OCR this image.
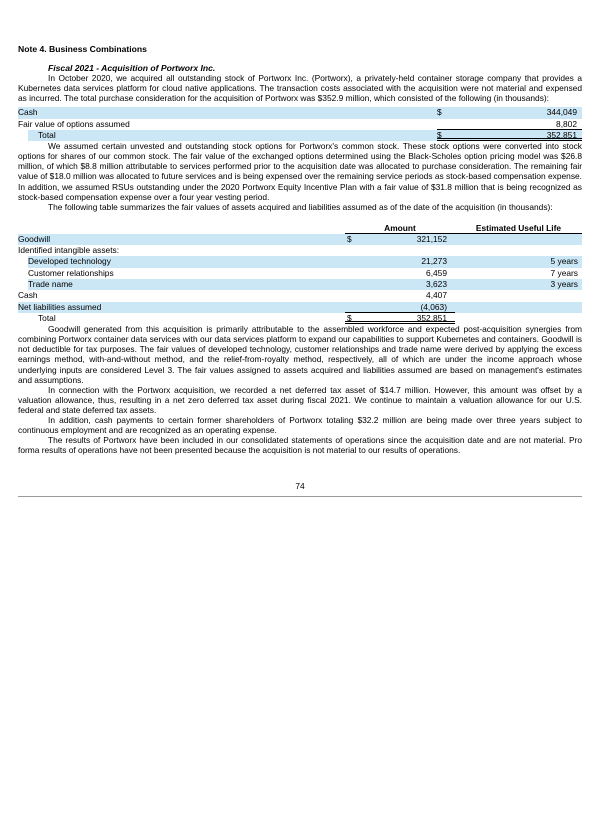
Note 4. Business Combinations
Fiscal 2021 - Acquisition of Portworx Inc.

In October 2020, we acquired all outstanding stock of Portworx Inc. (Portworx), a privately-held container storage company that provides a Kubernetes data services platform for cloud native applications. The transaction costs associated with the acquisition were not material and expensed as incurred. The total purchase consideration for the acquisition of Portworx was $352.9 million, which consisted of the following (in thousands):

Cash	$	344,049
Fair value of options assumed	8,802
Total	$	352,851

We assumed certain unvested and outstanding stock options for Portworx's common stock. These stock options were converted into stock options for shares of our common stock. The fair value of the exchanged options determined using the Black-Scholes option pricing model was $26.8 million, of which $8.8 million attributable to services performed prior to the acquisition date was allocated to purchase consideration. The remaining fair value of $18.0 million was allocated to future services and is being expensed over the remaining service periods as stock-based compensation expense. In addition, we assumed RSUs outstanding under the 2020 Portworx Equity Incentive Plan with a fair value of $31.8 million that is being recognized as stock-based compensation expense over a four year vesting period.

The following table summarizes the fair values of assets acquired and liabilities assumed as of the date of the acquisition (in thousands):

Amount	Estimated Useful Life
Goodwill	$	321,152
Identified intangible assets:
Developed technology	21,273	5 years
Customer relationships	6,459	7 years
Trade name	3,623	3 years
Cash	4,407
Net liabilities assumed	(4,063)
Total	$	352,851

Goodwill generated from this acquisition is primarily attributable to the assembled workforce and expected post-acquisition synergies from combining Portworx container data services with our data services platform to expand our capabilities to support Kubernetes and containers. Goodwill is not deductible for tax purposes. The fair values of developed technology, customer relationships and trade name were derived by applying the excess earnings method, with-and-without method, and the relief-from-royalty method, respectively, all of which are under the income approach whose underlying inputs are considered Level 3. The fair values assigned to assets acquired and liabilities assumed are based on management's estimates and assumptions.

In connection with the Portworx acquisition, we recorded a net deferred tax asset of $14.7 million. However, this amount was offset by a valuation allowance, thus, resulting in a net zero deferred tax asset during fiscal 2021. We continue to maintain a valuation allowance for our U.S. federal and state deferred tax assets.

In addition, cash payments to certain former shareholders of Portworx totaling $32.2 million are being made over three years subject to continuous employment and are recognized as an operating expense.

The results of Portworx have been included in our consolidated statements of operations since the acquisition date and are not material. Pro forma results of operations have not been presented because the acquisition is not material to our results of operations.

74
